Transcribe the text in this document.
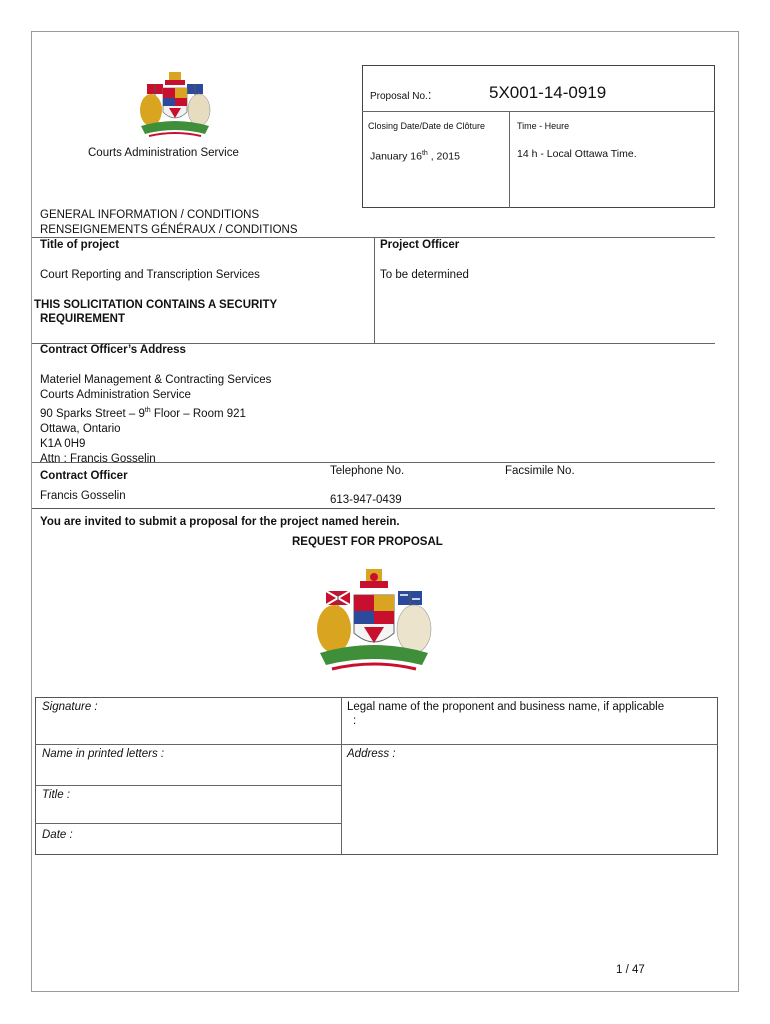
Courts Administration Service
Proposal No.:	5X001-14-0919
Closing Date/Date de Clôture	Time - Heure
January 16th , 2015	14 h - Local Ottawa Time.
GENERAL INFORMATION / CONDITIONS
RENSEIGNEMENTS GÉNÉRAUX / CONDITIONS
Title of project	Project Officer
Court Reporting and Transcription Services	To be determined
THIS SOLICITATION CONTAINS A SECURITY
REQUIREMENT
Contract Officer’s Address
Materiel Management & Contracting Services
Courts Administration Service
90 Sparks Street – 9th Floor – Room 921
Ottawa, Ontario
K1A 0H9
Attn : Francis Gosselin
Contract Officer	Telephone No.	Facsimile No.
Francis Gosselin	613-947-0439
You are invited to submit a proposal for the project named herein.
REQUEST FOR PROPOSAL
Signature :	Legal name of the proponent and business name, if applicable
:
Name in printed letters :	Address :
Title :
Date :
1 / 47
